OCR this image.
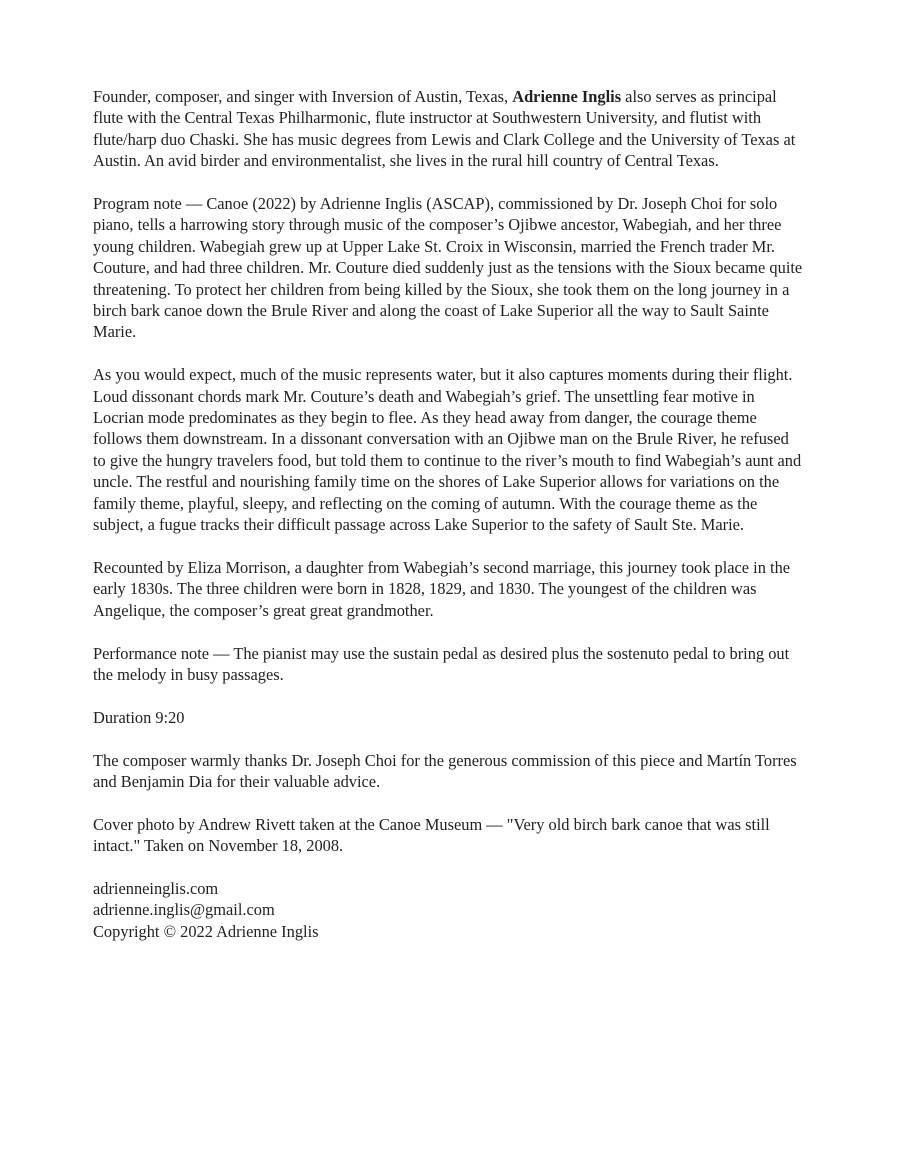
Founder, composer, and singer with Inversion of Austin, Texas, Adrienne Inglis also serves as principal flute with the Central Texas Philharmonic, flute instructor at Southwestern University, and flutist with flute/harp duo Chaski. She has music degrees from Lewis and Clark College and the University of Texas at Austin. An avid birder and environmentalist, she lives in the rural hill country of Central Texas.

Program note — Canoe (2022) by Adrienne Inglis (ASCAP), commissioned by Dr. Joseph Choi for solo piano, tells a harrowing story through music of the composer’s Ojibwe ancestor, Wabegiah, and her three young children. Wabegiah grew up at Upper Lake St. Croix in Wisconsin, married the French trader Mr. Couture, and had three children. Mr. Couture died suddenly just as the tensions with the Sioux became quite threatening. To protect her children from being killed by the Sioux, she took them on the long journey in a birch bark canoe down the Brule River and along the coast of Lake Superior all the way to Sault Sainte Marie.

As you would expect, much of the music represents water, but it also captures moments during their flight. Loud dissonant chords mark Mr. Couture’s death and Wabegiah’s grief. The unsettling fear motive in Locrian mode predominates as they begin to flee. As they head away from danger, the courage theme follows them downstream. In a dissonant conversation with an Ojibwe man on the Brule River, he refused to give the hungry travelers food, but told them to continue to the river’s mouth to find Wabegiah’s aunt and uncle. The restful and nourishing family time on the shores of Lake Superior allows for variations on the family theme, playful, sleepy, and reflecting on the coming of autumn. With the courage theme as the subject, a fugue tracks their difficult passage across Lake Superior to the safety of Sault Ste. Marie.

Recounted by Eliza Morrison, a daughter from Wabegiah’s second marriage, this journey took place in the early 1830s. The three children were born in 1828, 1829, and 1830. The youngest of the children was Angelique, the composer’s great great grandmother.

Performance note — The pianist may use the sustain pedal as desired plus the sostenuto pedal to bring out the melody in busy passages.

Duration 9:20

The composer warmly thanks Dr. Joseph Choi for the generous commission of this piece and Martín Torres and Benjamin Dia for their valuable advice.

Cover photo by Andrew Rivett taken at the Canoe Museum — "Very old birch bark canoe that was still intact." Taken on November 18, 2008.

adrienneinglis.com

adrienne.inglis@gmail.com

Copyright © 2022 Adrienne Inglis
